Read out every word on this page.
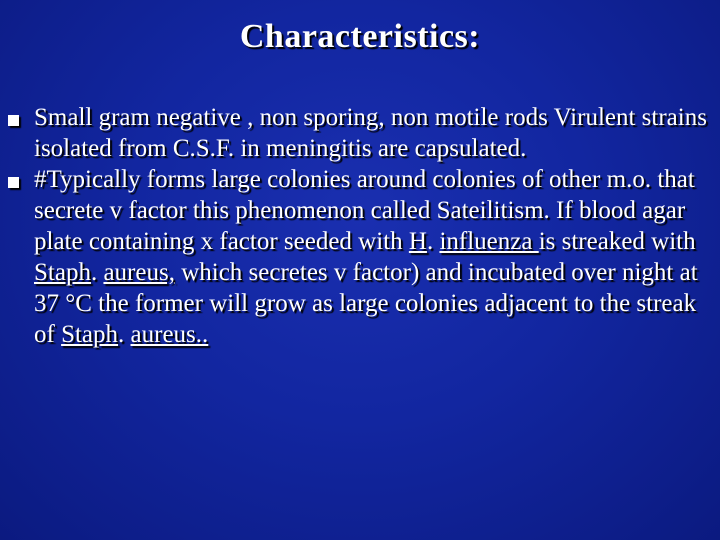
Characteristics:
Small gram negative , non sporing, non motile rods Virulent strains isolated from C.S.F. in meningitis are capsulated.
#Typically forms large colonies around colonies of other m.o. that secrete v factor this phenomenon called Sateilitism. If blood agar plate containing x factor seeded with H. influenza is streaked with Staph. aureus, which secretes v factor) and incubated over night at 37 °C the former will grow as large colonies adjacent to the streak of Staph. aureus..
